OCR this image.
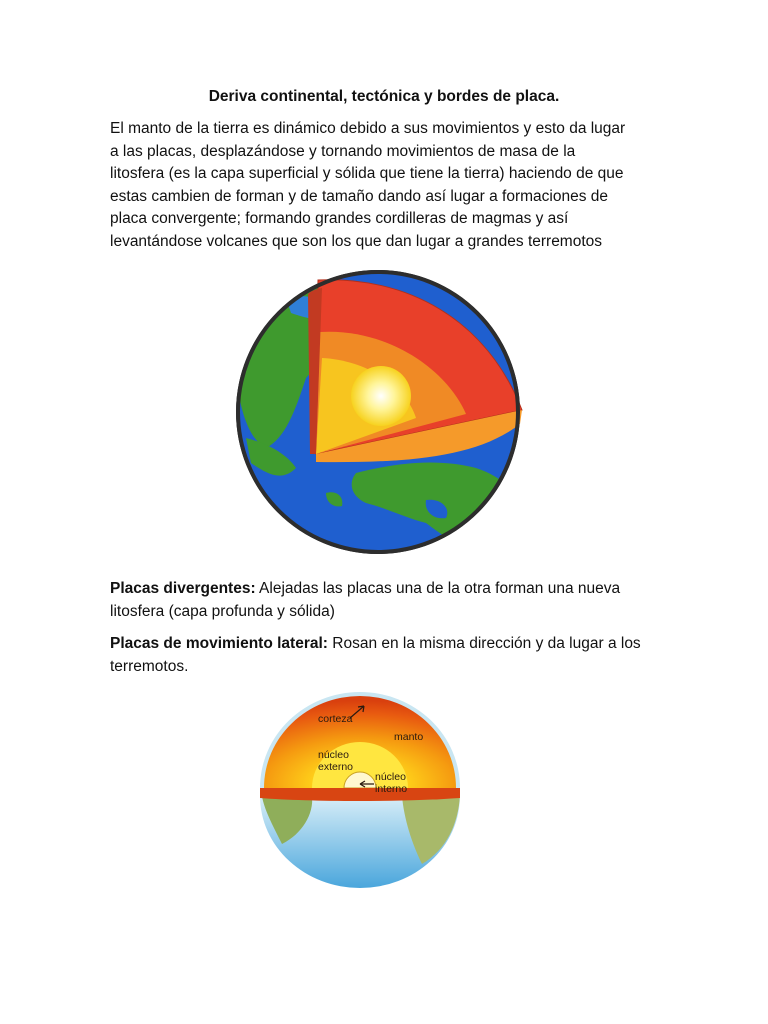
Deriva continental, tectónica y bordes de placa.
El manto de la tierra es dinámico debido a sus movimientos y esto da lugar
a las placas, desplazándose y tornando movimientos de masa de la
litosfera (es la capa superficial y sólida que tiene la tierra) haciendo de que
estas cambien de forman y de tamaño dando así lugar a formaciones de
placa convergente; formando grandes cordilleras de magmas y así
levantándose volcanes que son los que dan lugar a grandes terremotos
Placas divergentes: Alejadas las placas una de la otra forman una nueva litosfera (capa profunda y sólida)
Placas de movimiento lateral: Rosan en la misma dirección y da lugar a los terremotos.
corteza
manto
núcleo
externo
núcleo
interno
